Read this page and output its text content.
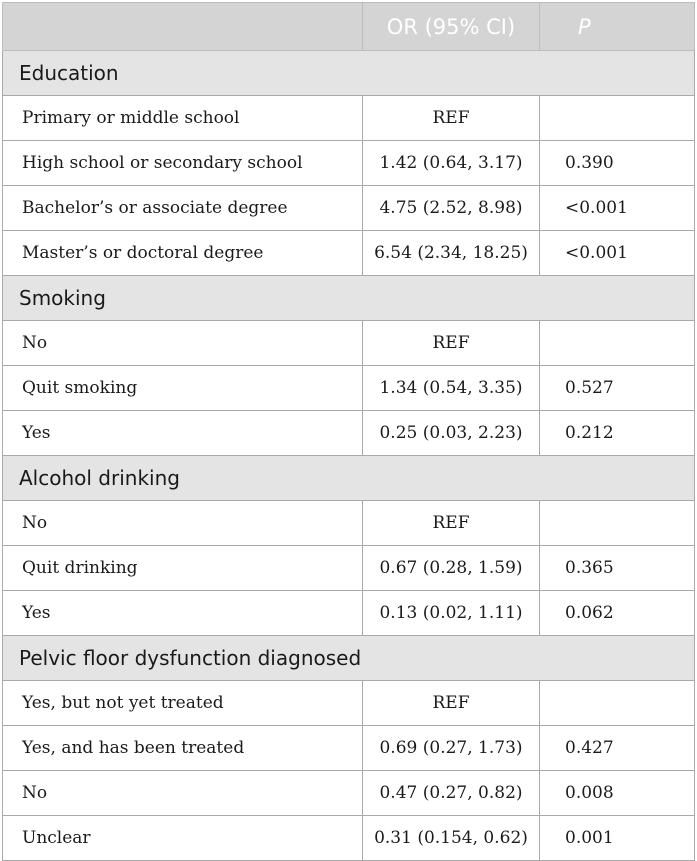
	OR (95% CI)	P
Education		
Primary or middle school	REF	
High school or secondary school	1.42 (0.64, 3.17)	0.390
Bachelor’s or associate degree	4.75 (2.52, 8.98)	<0.001
Master’s or doctoral degree	6.54 (2.34, 18.25)	<0.001
Smoking		
No	REF	
Quit smoking	1.34 (0.54, 3.35)	0.527
Yes	0.25 (0.03, 2.23)	0.212
Alcohol drinking		
No	REF	
Quit drinking	0.67 (0.28, 1.59)	0.365
Yes	0.13 (0.02, 1.11)	0.062
Pelvic floor dysfunction diagnosed		
Yes, but not yet treated	REF	
Yes, and has been treated	0.69 (0.27, 1.73)	0.427
No	0.47 (0.27, 0.82)	0.008
Unclear	0.31 (0.154, 0.62)	0.001
